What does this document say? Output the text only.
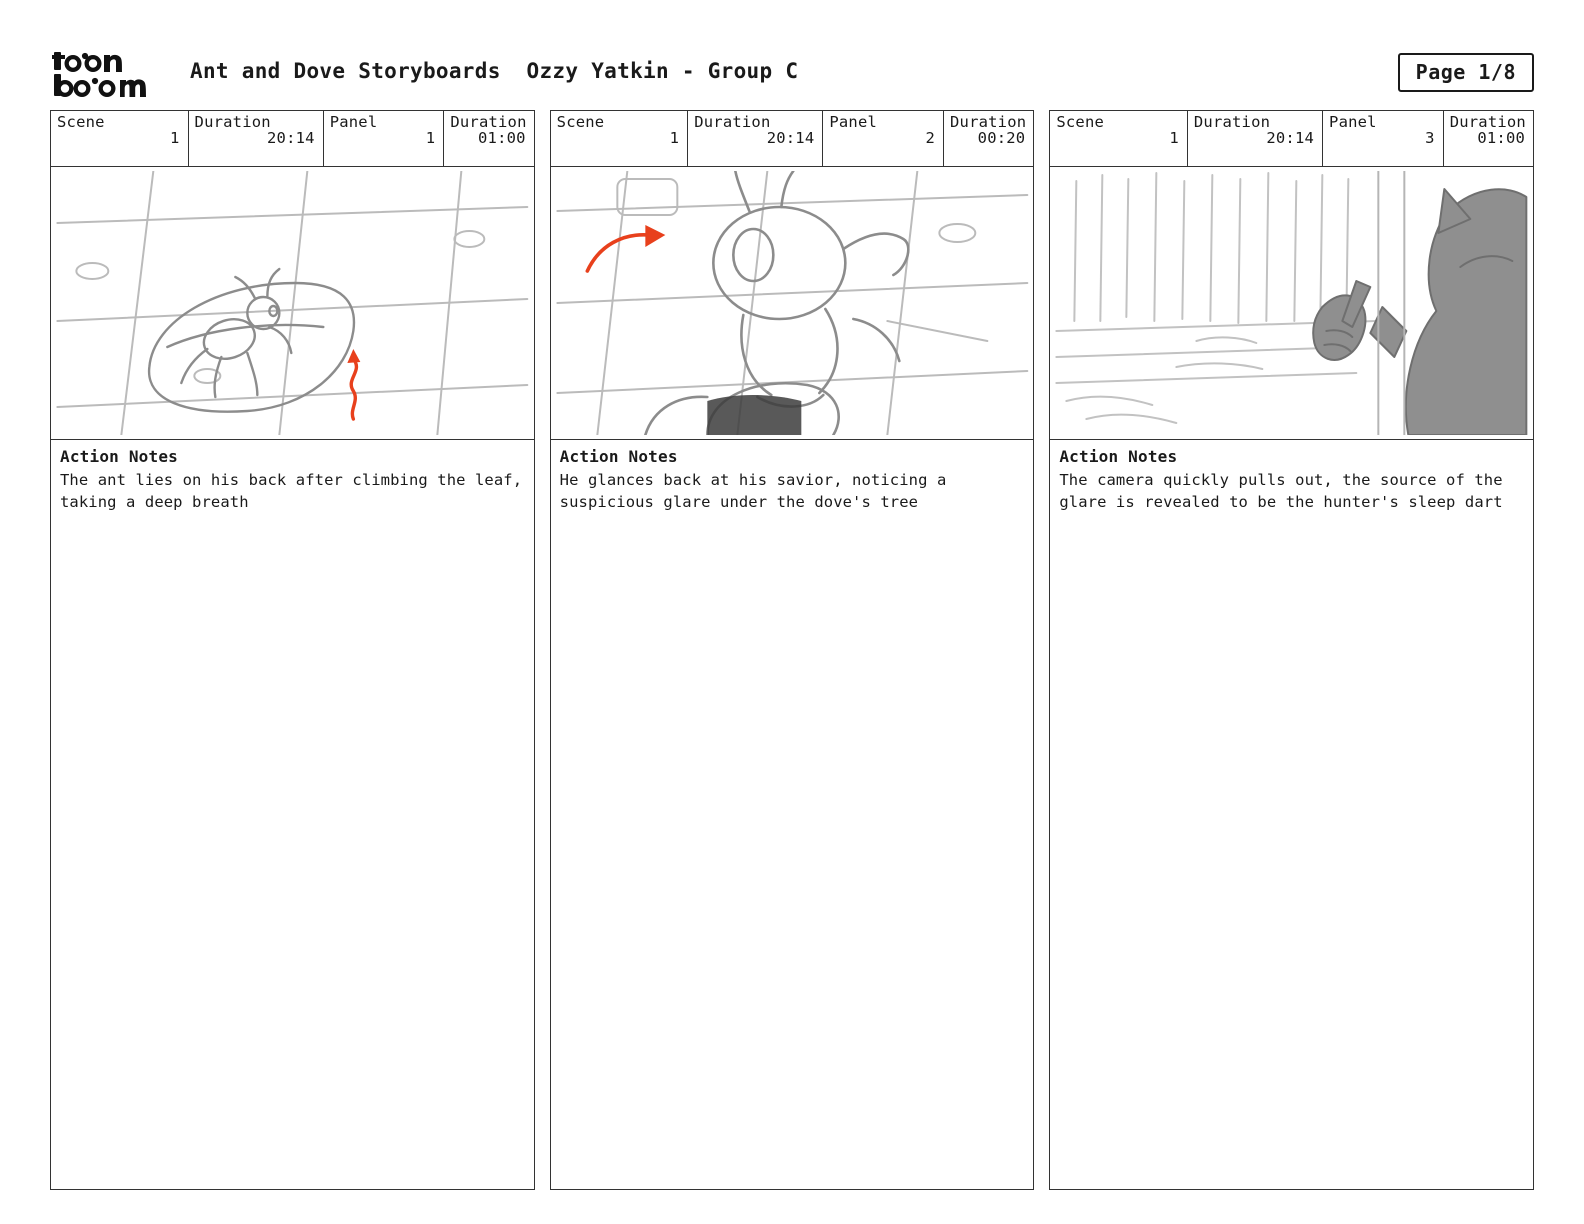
Ant and Dove Storyboards  Ozzy Yatkin - Group C	Page 1/8
Scene
1
Duration
20:14
Panel
1
Duration
01:00
Action Notes
The ant lies on his back after climbing the leaf, taking a deep breath
Scene
1
Duration
20:14
Panel
2
Duration
00:20
Action Notes
He glances back at his savior, noticing a suspicious glare under the dove's tree
Scene
1
Duration
20:14
Panel
3
Duration
01:00
Action Notes
The camera quickly pulls out, the source of the glare is revealed to be the hunter's sleep dart
